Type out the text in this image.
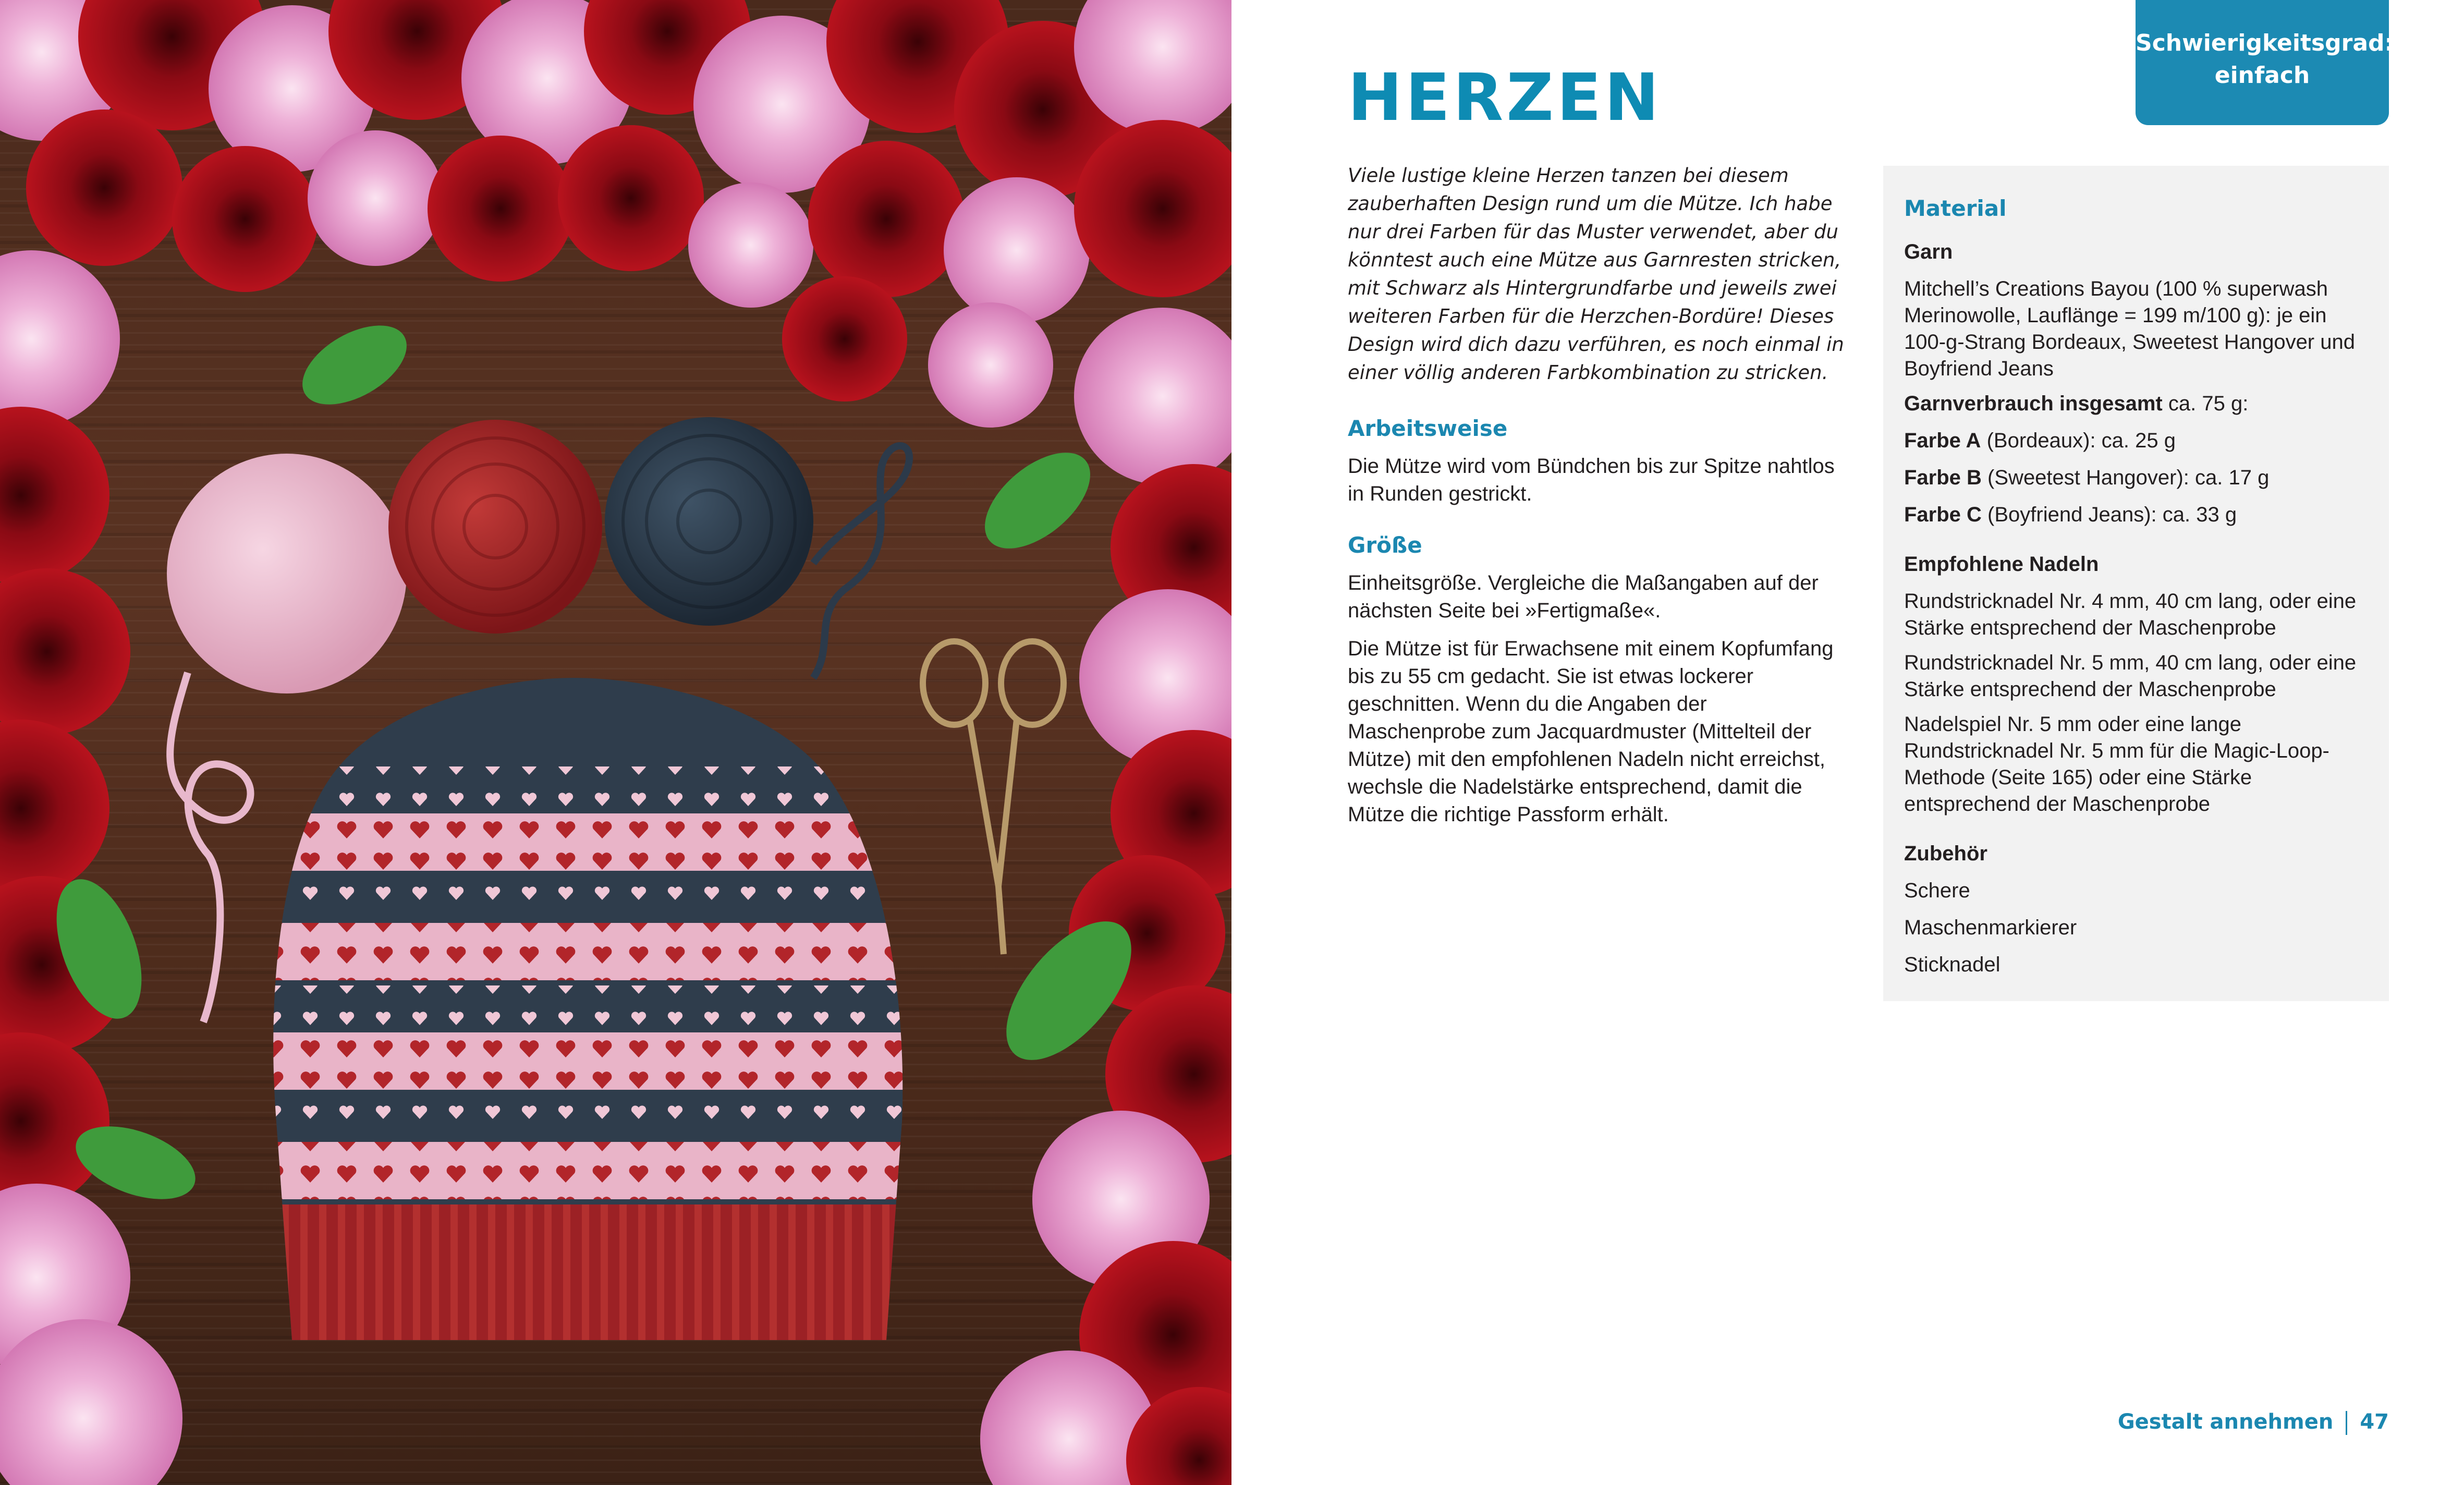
HERZEN
Schwierigkeitsgrad:
einfach

Viele lustige kleine Herzen tanzen bei diesem zauberhaften Design rund um die Mütze. Ich habe nur drei Farben für das Muster verwendet, aber du könntest auch eine Mütze aus Garnresten stricken, mit Schwarz als Hintergrundfarbe und jeweils zwei weiteren Farben für die Herzchen-Bordüre! Dieses Design wird dich dazu verführen, es noch einmal in einer völlig anderen Farbkombination zu stricken.

Arbeitsweise

Die Mütze wird vom Bündchen bis zur Spitze nahtlos in Runden gestrickt.

Größe

Einheitsgröße. Vergleiche die Maßangaben auf der nächsten Seite bei »Fertigmaße«.

Die Mütze ist für Erwachsene mit einem Kopfumfang bis zu 55 cm gedacht. Sie ist etwas lockerer geschnitten. Wenn du die Angaben der Maschenprobe zum Jacquardmuster (Mittelteil der Mütze) mit den empfohlenen Nadeln nicht erreichst, wechsle die Nadelstärke entsprechend, damit die Mütze die richtige Passform erhält.

Material
Garn

Mitchell’s Creations Bayou (100 % superwash Merinowolle, Lauflänge = 199 m/100 g): je ein 100-g-Strang Bordeaux, Sweetest Hangover und Boyfriend Jeans

Garnverbrauch insgesamt ca. 75 g:

Farbe A (Bordeaux): ca. 25 g

Farbe B (Sweetest Hangover): ca. 17 g

Farbe C (Boyfriend Jeans): ca. 33 g

Empfohlene Nadeln

Rundstricknadel Nr. 4 mm, 40 cm lang, oder eine Stärke entsprechend der Maschenprobe

Rundstricknadel Nr. 5 mm, 40 cm lang, oder eine Stärke entsprechend der Maschenprobe

Nadelspiel Nr. 5 mm oder eine lange Rundstricknadel Nr. 5 mm für die Magic-Loop-Methode (Seite 165) oder eine Stärke entsprechend der Maschenprobe

Zubehör

Schere

Maschenmarkierer

Sticknadel

Gestalt annehmen 47
